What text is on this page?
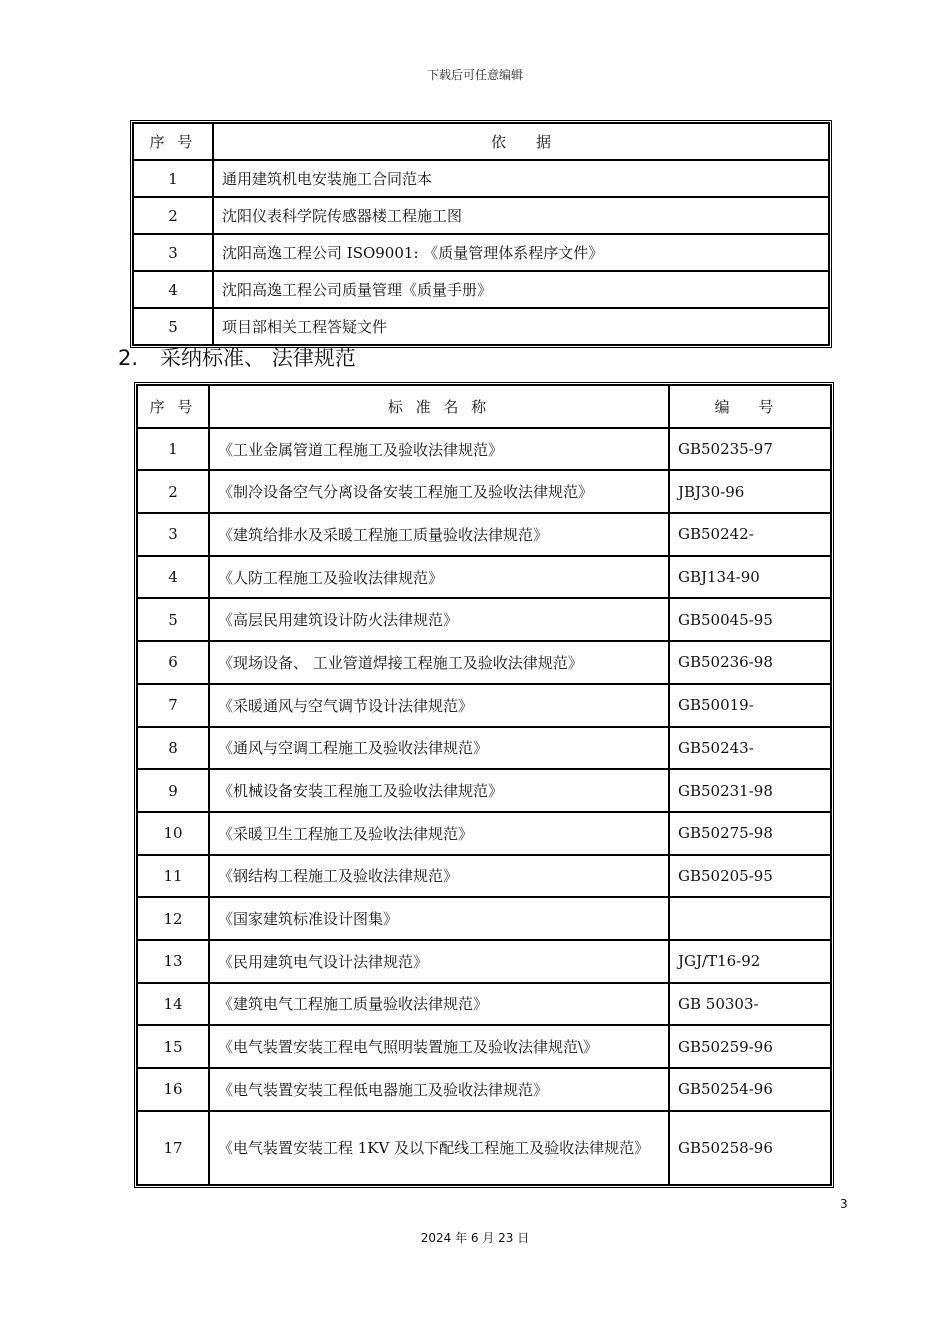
下载后可任意编辑
序 号	依　　据
1	通用建筑机电安装施工合同范本
2	沈阳仪表科学院传感器楼工程施工图
3	沈阳高逸工程公司 ISO9001: 《质量管理体系程序文件》
4	沈阳高逸工程公司质量管理《质量手册》
5	项目部相关工程答疑文件
2. 采纳标准、 法律规范
序 号	标 准 名 称	编 号
1	《工业金属管道工程施工及验收法律规范》	GB50235-97
2	《制冷设备空气分离设备安装工程施工及验收法律规范》	JBJ30-96
3	《建筑给排水及采暖工程施工质量验收法律规范》	GB50242-
4	《人防工程施工及验收法律规范》	GBJ134-90
5	《高层民用建筑设计防火法律规范》	GB50045-95
6	《现场设备、 工业管道焊接工程施工及验收法律规范》	GB50236-98
7	《采暖通风与空气调节设计法律规范》	GB50019-
8	《通风与空调工程施工及验收法律规范》	GB50243-
9	《机械设备安装工程施工及验收法律规范》	GB50231-98
10	《采暖卫生工程施工及验收法律规范》	GB50275-98
11	《钢结构工程施工及验收法律规范》	GB50205-95
12	《国家建筑标准设计图集》	
13	《民用建筑电气设计法律规范》	JGJ/T16-92
14	《建筑电气工程施工质量验收法律规范》	GB 50303-
15	《电气装置安装工程电气照明装置施工及验收法律规范\》	GB50259-96
16	《电气装置安装工程低电器施工及验收法律规范》	GB50254-96
17	《电气装置安装工程 1KV 及以下配线工程施工及验收法律规范》	GB50258-96
3
2024 年 6 月 23 日
